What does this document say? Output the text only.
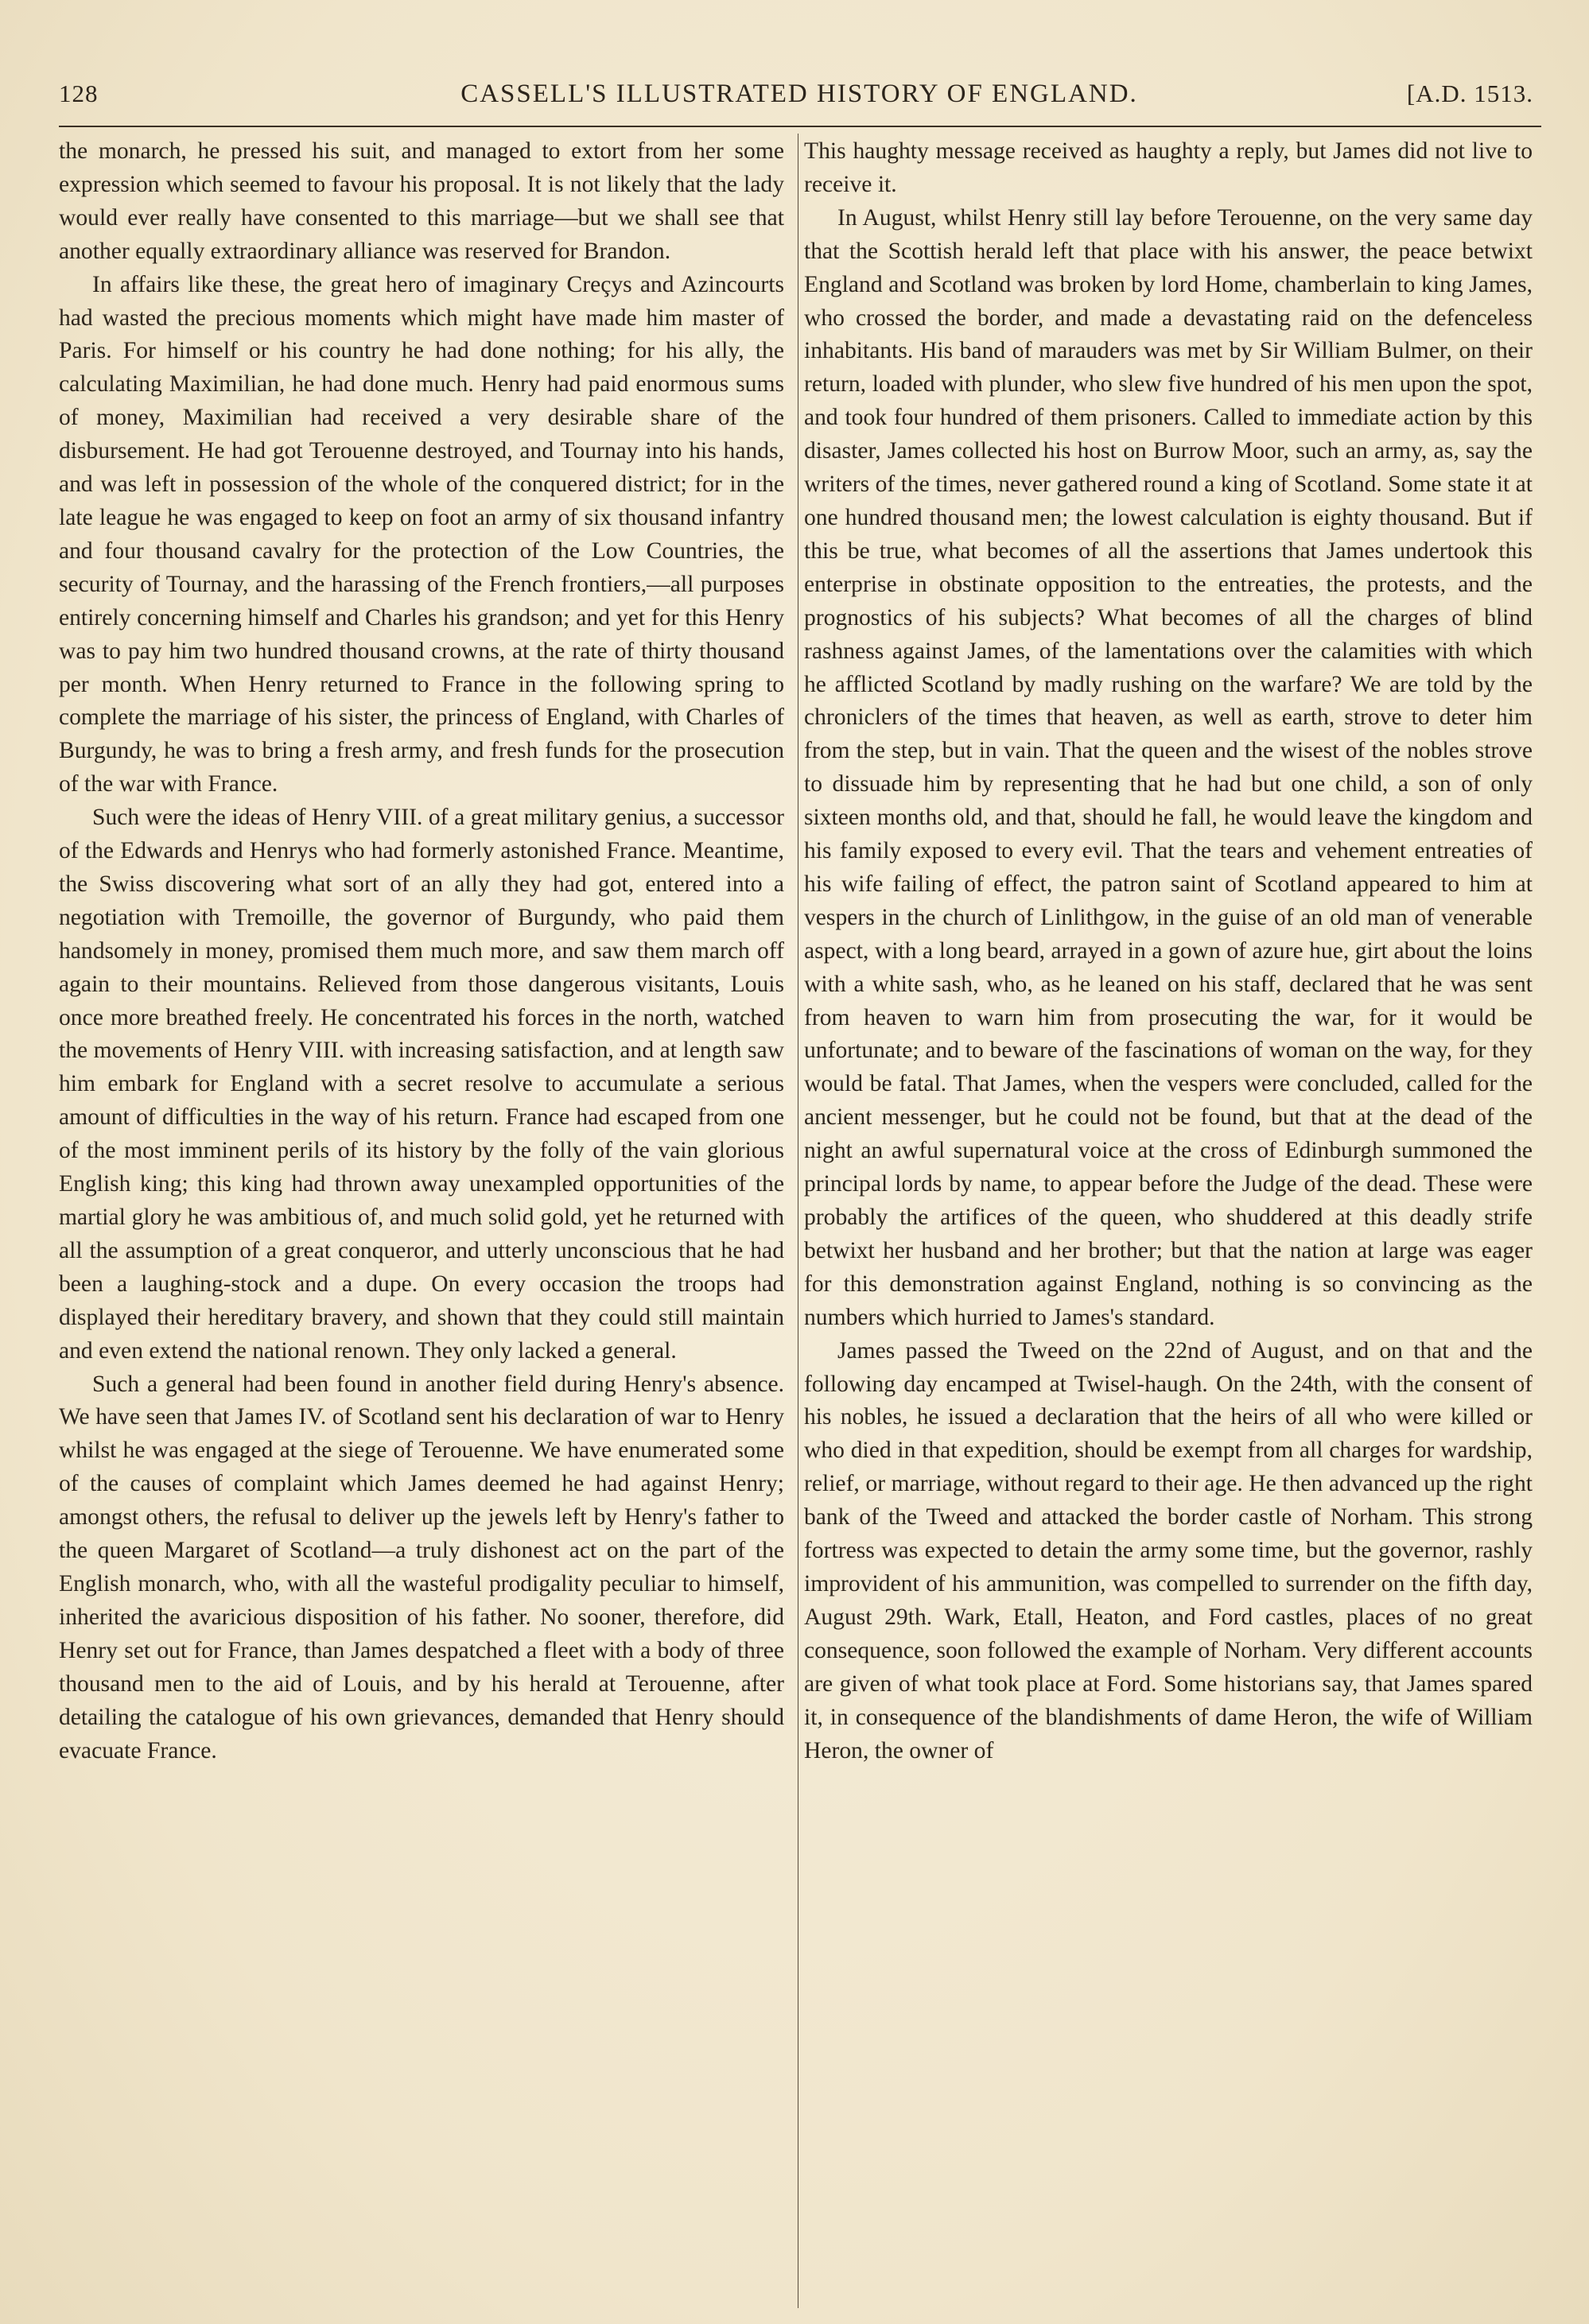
128	CASSELL'S ILLUSTRATED HISTORY OF ENGLAND.	[A.D. 1513.

the monarch, he pressed his suit, and managed to extort from her some expression which seemed to favour his proposal. It is not likely that the lady would ever really have consented to this marriage—but we shall see that another equally extraordinary alliance was reserved for Brandon.

In affairs like these, the great hero of imaginary Creçys and Azincourts had wasted the precious moments which might have made him master of Paris. For himself or his country he had done nothing; for his ally, the calculating Maximilian, he had done much. Henry had paid enormous sums of money, Maximilian had received a very desirable share of the disbursement. He had got Terouenne destroyed, and Tournay into his hands, and was left in possession of the whole of the conquered district; for in the late league he was engaged to keep on foot an army of six thousand infantry and four thousand cavalry for the protection of the Low Countries, the security of Tournay, and the harassing of the French frontiers,—all purposes entirely concerning himself and Charles his grandson; and yet for this Henry was to pay him two hundred thousand crowns, at the rate of thirty thousand per month. When Henry returned to France in the following spring to complete the marriage of his sister, the princess of England, with Charles of Burgundy, he was to bring a fresh army, and fresh funds for the prosecution of the war with France.

Such were the ideas of Henry VIII. of a great military genius, a successor of the Edwards and Henrys who had formerly astonished France. Meantime, the Swiss discovering what sort of an ally they had got, entered into a negotiation with Tremoille, the governor of Burgundy, who paid them handsomely in money, promised them much more, and saw them march off again to their mountains. Relieved from those dangerous visitants, Louis once more breathed freely. He concentrated his forces in the north, watched the movements of Henry VIII. with increasing satisfaction, and at length saw him embark for England with a secret resolve to accumulate a serious amount of difficulties in the way of his return. France had escaped from one of the most imminent perils of its history by the folly of the vain glorious English king; this king had thrown away unexampled opportunities of the martial glory he was ambitious of, and much solid gold, yet he returned with all the assumption of a great conqueror, and utterly unconscious that he had been a laughing-stock and a dupe. On every occasion the troops had displayed their hereditary bravery, and shown that they could still maintain and even extend the national renown. They only lacked a general.

Such a general had been found in another field during Henry's absence. We have seen that James IV. of Scotland sent his declaration of war to Henry whilst he was engaged at the siege of Terouenne. We have enumerated some of the causes of complaint which James deemed he had against Henry; amongst others, the refusal to deliver up the jewels left by Henry's father to the queen Margaret of Scotland—a truly dishonest act on the part of the English monarch, who, with all the wasteful prodigality peculiar to himself, inherited the avaricious disposition of his father. No sooner, therefore, did Henry set out for France, than James despatched a fleet with a body of three thousand men to the aid of Louis, and by his herald at Terouenne, after detailing the catalogue of his own grievances, demanded that Henry should evacuate France.

This haughty message received as haughty a reply, but James did not live to receive it.

In August, whilst Henry still lay before Terouenne, on the very same day that the Scottish herald left that place with his answer, the peace betwixt England and Scotland was broken by lord Home, chamberlain to king James, who crossed the border, and made a devastating raid on the defenceless inhabitants. His band of marauders was met by Sir William Bulmer, on their return, loaded with plunder, who slew five hundred of his men upon the spot, and took four hundred of them prisoners. Called to immediate action by this disaster, James collected his host on Burrow Moor, such an army, as, say the writers of the times, never gathered round a king of Scotland. Some state it at one hundred thousand men; the lowest calculation is eighty thousand. But if this be true, what becomes of all the assertions that James undertook this enterprise in obstinate opposition to the entreaties, the protests, and the prognostics of his subjects? What becomes of all the charges of blind rashness against James, of the lamentations over the calamities with which he afflicted Scotland by madly rushing on the warfare? We are told by the chroniclers of the times that heaven, as well as earth, strove to deter him from the step, but in vain. That the queen and the wisest of the nobles strove to dissuade him by representing that he had but one child, a son of only sixteen months old, and that, should he fall, he would leave the kingdom and his family exposed to every evil. That the tears and vehement entreaties of his wife failing of effect, the patron saint of Scotland appeared to him at vespers in the church of Linlithgow, in the guise of an old man of venerable aspect, with a long beard, arrayed in a gown of azure hue, girt about the loins with a white sash, who, as he leaned on his staff, declared that he was sent from heaven to warn him from prosecuting the war, for it would be unfortunate; and to beware of the fascinations of woman on the way, for they would be fatal. That James, when the vespers were concluded, called for the ancient messenger, but he could not be found, but that at the dead of the night an awful supernatural voice at the cross of Edinburgh summoned the principal lords by name, to appear before the Judge of the dead. These were probably the artifices of the queen, who shuddered at this deadly strife betwixt her husband and her brother; but that the nation at large was eager for this demonstration against England, nothing is so convincing as the numbers which hurried to James's standard.

James passed the Tweed on the 22nd of August, and on that and the following day encamped at Twisel-haugh. On the 24th, with the consent of his nobles, he issued a declaration that the heirs of all who were killed or who died in that expedition, should be exempt from all charges for wardship, relief, or marriage, without regard to their age. He then advanced up the right bank of the Tweed and attacked the border castle of Norham. This strong fortress was expected to detain the army some time, but the governor, rashly improvident of his ammunition, was compelled to surrender on the fifth day, August 29th. Wark, Etall, Heaton, and Ford castles, places of no great consequence, soon followed the example of Norham. Very different accounts are given of what took place at Ford. Some historians say, that James spared it, in consequence of the blandishments of dame Heron, the wife of William Heron, the owner of
